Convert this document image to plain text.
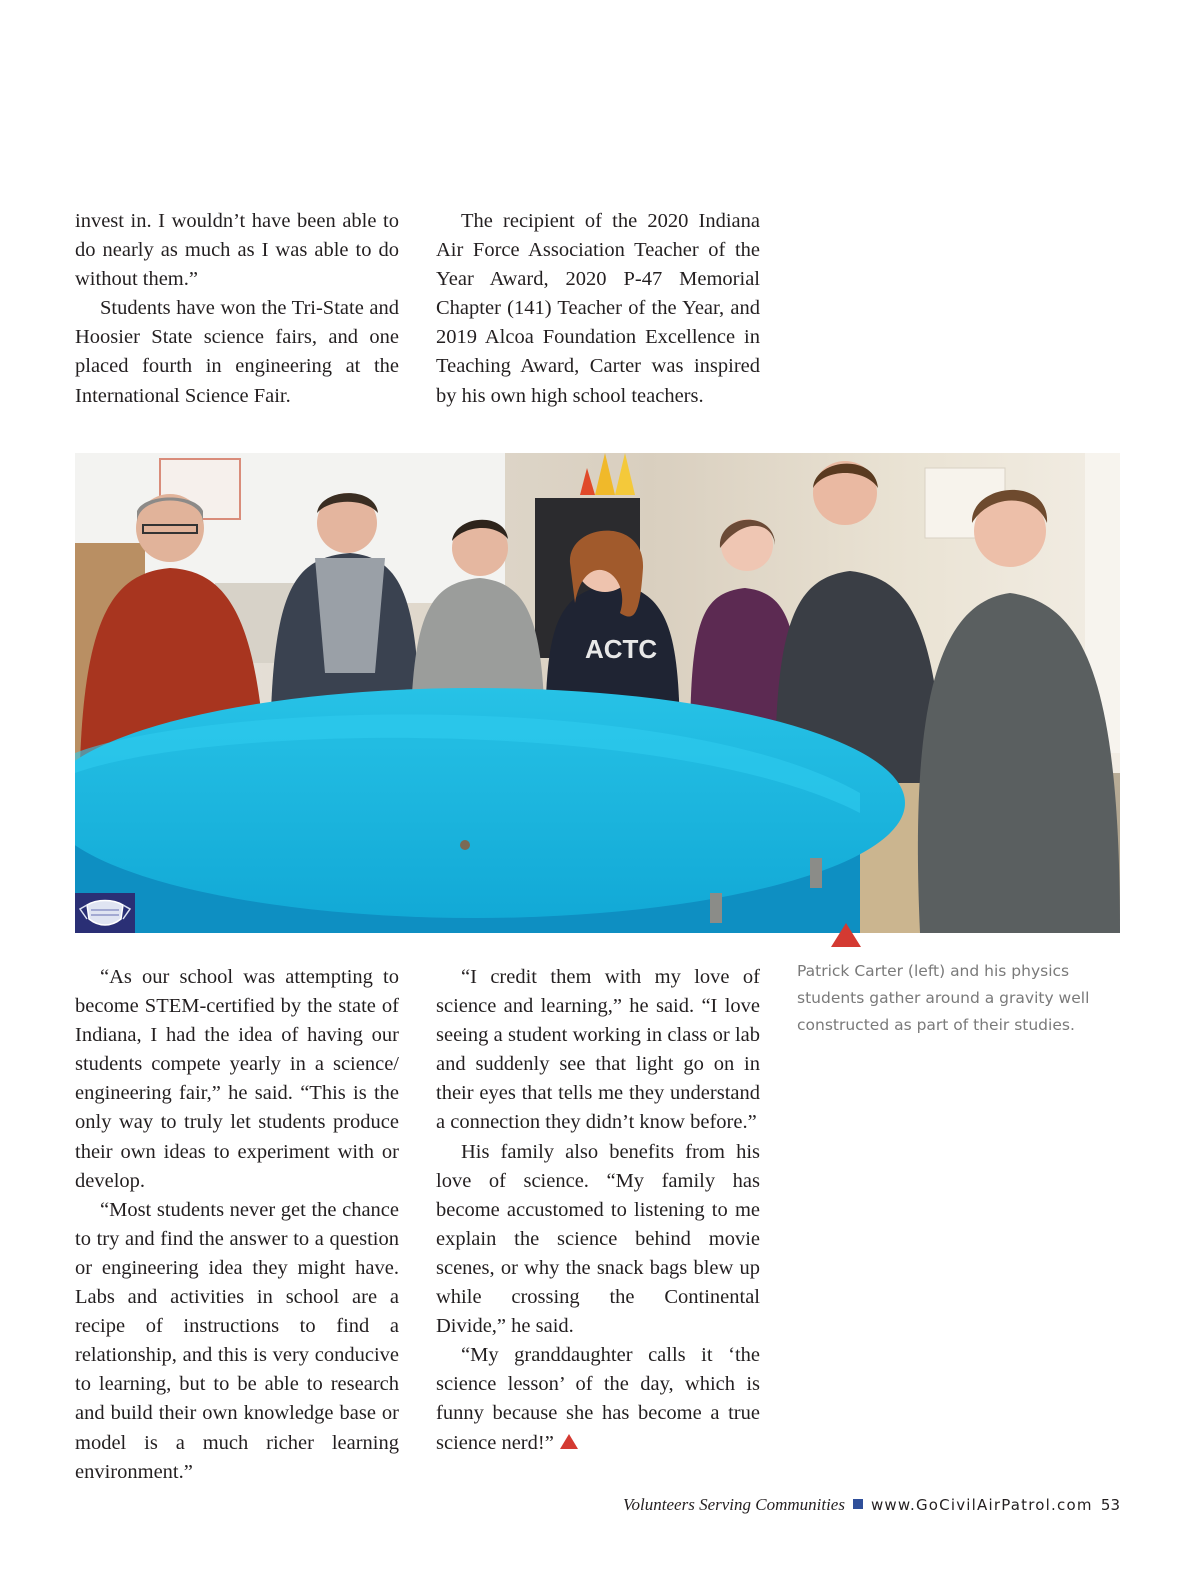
invest in. I wouldn’t have been able to do nearly as much as I was able to do without them.”

Students have won the Tri-State and Hoosier State science fairs, and one placed fourth in engineering at the International Science Fair.

The recipient of the 2020 Indiana Air Force Association Teacher of the Year Award, 2020 P-47 Memorial Chapter (141) Teacher of the Year, and 2019 Alcoa Foundation Excellence in Teaching Award, Carter was inspired by his own high school teachers.

ACTC

Patrick Carter (left) and his physics students gather around a gravity well constructed as part of their studies.

“As our school was attempting to become STEM-certified by the state of Indiana, I had the idea of having our students compete yearly in a science/ engineering fair,” he said. “This is the only way to truly let students produce their own ideas to experiment with or develop.

“Most students never get the chance to try and find the answer to a question or engineering idea they might have. Labs and activities in school are a recipe of instructions to find a relationship, and this is very conducive to learning, but to be able to research and build their own knowledge base or model is a much richer learning environment.”

“I credit them with my love of science and learning,” he said. “I love seeing a student working in class or lab and suddenly see that light go on in their eyes that tells me they understand a connection they didn’t know before.”

His family also benefits from his love of science. “My family has become accustomed to listening to me explain the science behind movie scenes, or why the snack bags blew up while crossing the Continental Divide,” he said.

“My granddaughter calls it ‘the science lesson’ of the day, which is funny because she has become a true science nerd!”

Volunteers Serving Communities www.GoCivilAirPatrol.com 53
